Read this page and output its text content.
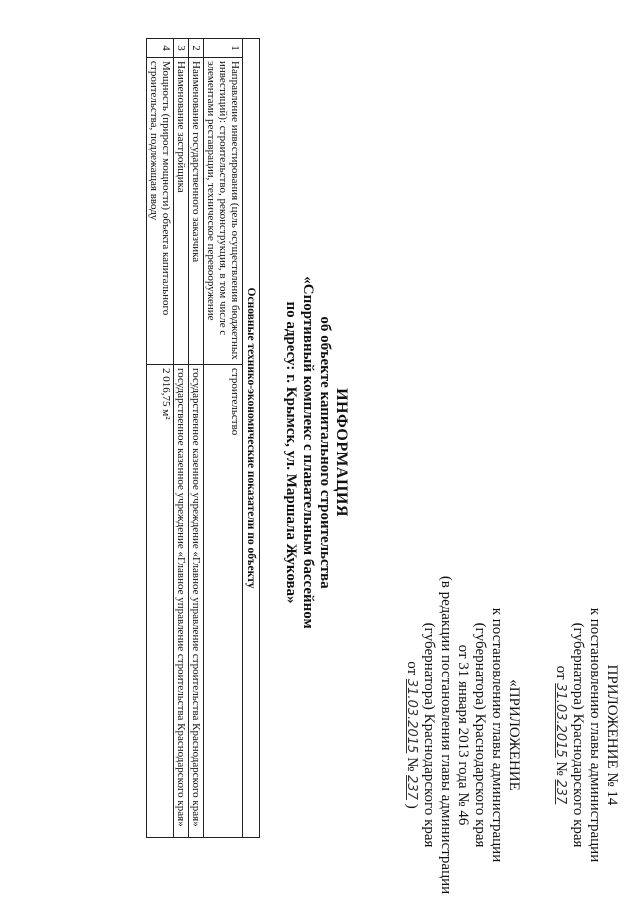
ПРИЛОЖЕНИЕ № 14
к постановлению главы администрации
(губернатора) Краснодарского края
от 31.03.2015 № 237
«ПРИЛОЖЕНИЕ
к постановлению главы администрации
(губернатора) Краснодарского края
от 31 января 2013 года № 46
(в редакции постановления главы администрации
(губернатора) Краснодарского края
от 31.03.2015 № 237 )
ИНФОРМАЦИЯ
об объекте капитального строительства
«Спортивный комплекс с плавательным бассейном
по адресу: г. Крымск, ул. Маршала Жукова»
Основные технико-экономические показатели по объекту		
1	Направление инвестирования (цель осуществления бюджетных инвестиций): строительство, реконструкция, в том числе с элементами реставрации, техническое перевооружение	строительство
2	Наименование государственного заказчика	государственное казенное учреждение «Главное управление строительства Краснодарского края»
3	Наименование застройщика	государственное казенное учреждение «Главное управление строительства Краснодарского края»
4	Мощность (прирост мощности) объекта капитального строительства, подлежащая вводу	2 016,75 м²
